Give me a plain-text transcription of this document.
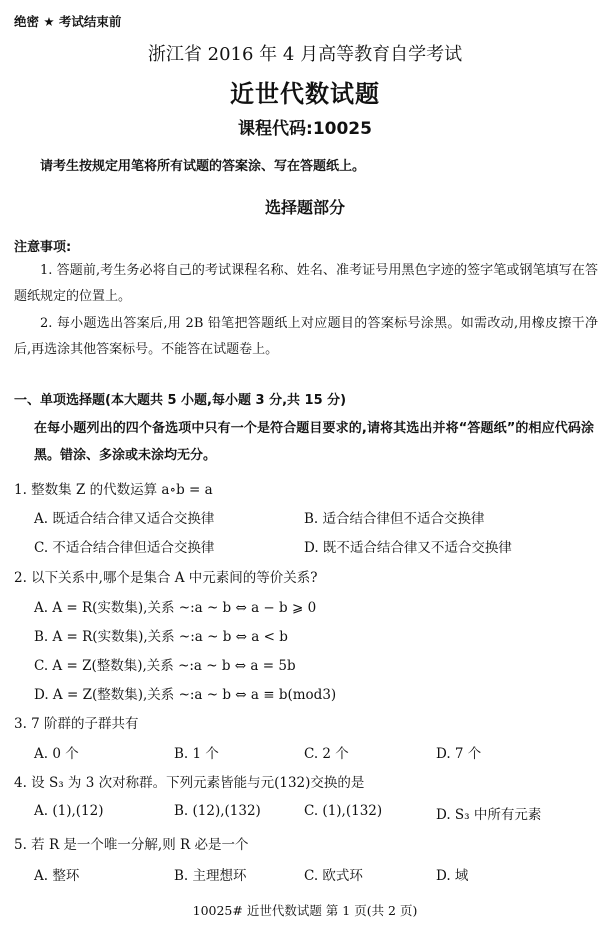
绝密 ★ 考试结束前
浙江省 2016 年 4 月高等教育自学考试
近世代数试题
课程代码:10025
请考生按规定用笔将所有试题的答案涂、写在答题纸上。
选择题部分
注意事项:
1. 答题前,考生务必将自己的考试课程名称、姓名、准考证号用黑色字迹的签字笔或钢笔填写在答题纸规定的位置上。
2. 每小题选出答案后,用 2B 铅笔把答题纸上对应题目的答案标号涂黑。如需改动,用橡皮擦干净后,再选涂其他答案标号。不能答在试题卷上。
一、单项选择题(本大题共 5 小题,每小题 3 分,共 15 分)
在每小题列出的四个备选项中只有一个是符合题目要求的,请将其选出并将“答题纸”的相应代码涂黑。错涂、多涂或未涂均无分。
1. 整数集 Z 的代数运算 a∘b = a
A. 既适合结合律又适合交换律	B. 适合结合律但不适合交换律
C. 不适合结合律但适合交换律	D. 既不适合结合律又不适合交换律
2. 以下关系中,哪个是集合 A 中元素间的等价关系?
A. A = R(实数集),关系 ~:a ~ b ⇔ a − b ⩾ 0
B. A = R(实数集),关系 ~:a ~ b ⇔ a < b
C. A = Z(整数集),关系 ~:a ~ b ⇔ a = 5b
D. A = Z(整数集),关系 ~:a ~ b ⇔ a ≡ b(mod3)
3. 7 阶群的子群共有
A. 0 个	B. 1 个	C. 2 个	D. 7 个
4. 设 S₃ 为 3 次对称群。下列元素皆能与元(132)交换的是
A. (1),(12)	B. (12),(132)	C. (1),(132)	D. S₃ 中所有元素
5. 若 R 是一个唯一分解,则 R 必是一个
A. 整环	B. 主理想环	C. 欧式环	D. 域
10025# 近世代数试题 第 1 页(共 2 页)
